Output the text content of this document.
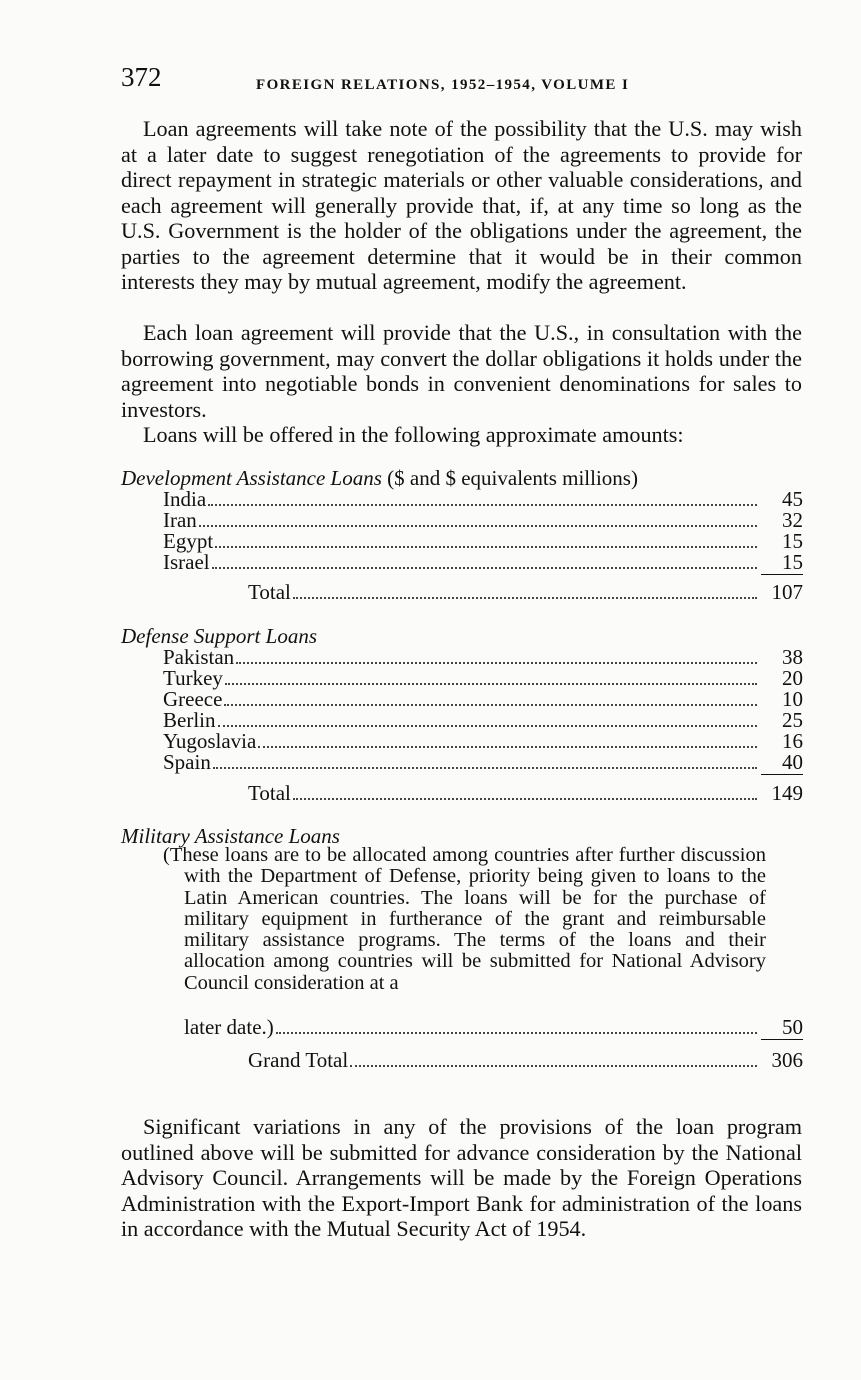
372	FOREIGN RELATIONS, 1952–1954, VOLUME I

Loan agreements will take note of the possibility that the U.S. may wish at a later date to suggest renegotiation of the agreements to provide for direct repayment in strategic materials or other valuable considerations, and each agreement will generally provide that, if, at any time so long as the U.S. Government is the holder of the obligations under the agreement, the parties to the agreement determine that it would be in their common interests they may by mutual agreement, modify the agreement.

Each loan agreement will provide that the U.S., in consultation with the borrowing government, may convert the dollar obligations it holds under the agreement into negotiable bonds in convenient denominations for sales to investors.

Loans will be offered in the following approximate amounts:

Development Assistance Loans ($ and $ equivalents millions)
India	45
Iran	32
Egypt	15
Israel	15
Total	107
Defense Support Loans
Pakistan	38
Turkey	20
Greece	10
Berlin	25
Yugoslavia	16
Spain	40
Total	149
Military Assistance Loans

(These loans are to be allocated among countries after further discussion with the Department of Defense, priority being given to loans to the Latin American countries. The loans will be for the purchase of military equipment in furtherance of the grant and reimbursable military assistance programs. The terms of the loans and their allocation among countries will be submitted for National Advisory Council consideration at a

later date.)	50
Grand Total	306

Significant variations in any of the provisions of the loan program outlined above will be submitted for advance consideration by the National Advisory Council. Arrangements will be made by the Foreign Operations Administration with the Export-Import Bank for administration of the loans in accordance with the Mutual Security Act of 1954.
